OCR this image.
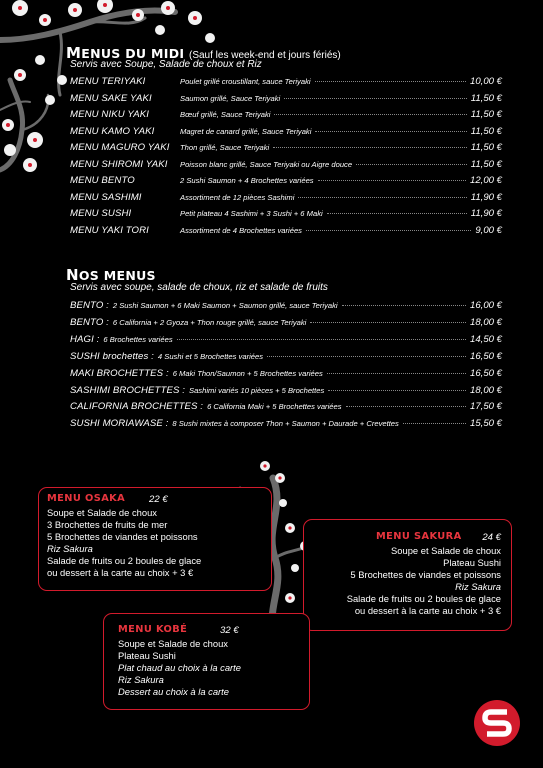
MENUS DU MIDI (Sauf les week-end et jours fériés)
Servis avec Soupe, Salade de choux et Riz
MENU TERIYAKI	Poulet grillé croustillant, sauce Teriyaki	10,00 €
MENU SAKE YAKI	Saumon grillé, Sauce Teriyaki	11,50 €
MENU NIKU YAKI	Bœuf grillé, Sauce Teriyaki	11,50 €
MENU KAMO YAKI	Magret de canard grillé, Sauce Teriyaki	11,50 €
MENU MAGURO YAKI	Thon grillé, Sauce Teriyaki	11,50 €
MENU SHIROMI YAKI	Poisson blanc grillé, Sauce Teriyaki ou Aigre douce	11,50 €
MENU BENTO	2 Sushi Saumon + 4 Brochettes variées	12,00 €
MENU SASHIMI	Assortiment de 12 pièces Sashimi	11,90 €
MENU SUSHI	Petit plateau 4 Sashimi + 3 Sushi + 6 Maki	11,90 €
MENU YAKI TORI	Assortiment de 4 Brochettes variées	9,00 €
NOS MENUS
Servis avec soupe, salade de choux, riz et salade de fruits
BENTO : 2 Sushi Saumon + 6 Maki Saumon + Saumon grillé, sauce Teriyaki	16,00 €
BENTO : 6 California + 2 Gyoza + Thon rouge grillé, sauce Teriyaki	18,00 €
HAGI : 6 Brochettes variées	14,50 €
SUSHI brochettes : 4 Sushi et 5 Brochettes variées	16,50 €
MAKI BROCHETTES : 6 Maki Thon/Saumon + 5 Brochettes variées	16,50 €
SASHIMI BROCHETTES : Sashimi variés 10 pièces + 5 Brochettes	18,00 €
CALIFORNIA BROCHETTES : 6 California Maki + 5 Brochettes variées	17,50 €
SUSHI MORIAWASE : 8 Sushi mixtes à composer Thon + Saumon + Daurade + Crevettes	15,50 €
MENU OSAKA 22 €
Soupe et Salade de choux
3 Brochettes de fruits de mer
5 Brochettes de viandes et poissons
Riz Sakura
Salade de fruits ou 2 boules de glace
ou dessert à la carte au choix + 3 €
MENU SAKURA 24 €
Soupe et Salade de choux
Plateau Sushi
5 Brochettes de viandes et poissons
Riz Sakura
Salade de fruits ou 2 boules de glace
ou dessert à la carte au choix + 3 €
MENU KOBÉ	32 €
Soupe et Salade de choux
Plateau Sushi
Plat chaud au choix à la carte
Riz Sakura
Dessert au choix à la carte
